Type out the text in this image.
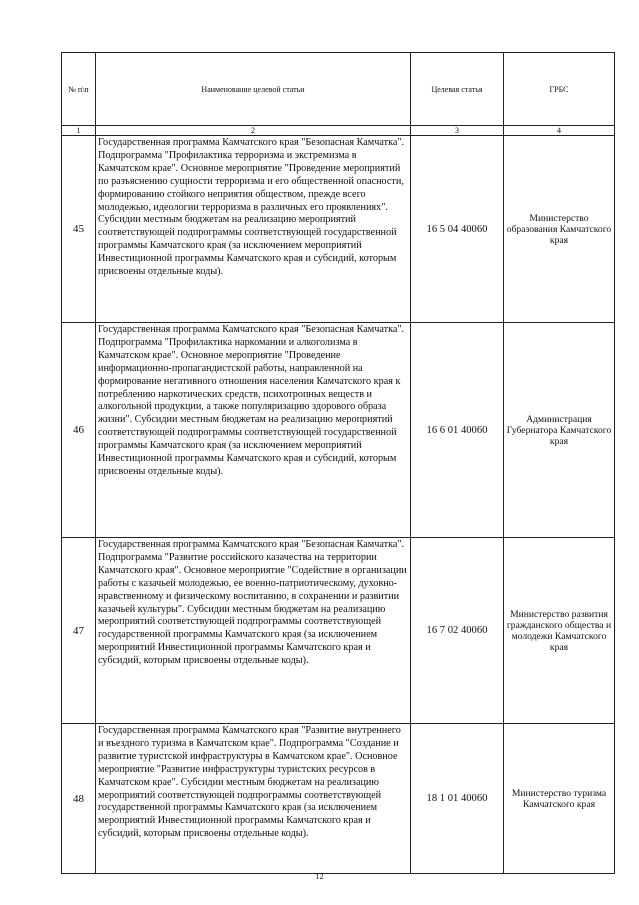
№ п\п	Наименование целевой статьи	Целевая статья	ГРБС
1	2	3	4
45	Государственная программа Камчатского края "Безопасная Камчатка". Подпрограмма "Профилактика терроризма и экстремизма в Камчатском крае". Основное мероприятие "Проведение мероприятий по разъяснению сущности терроризма и его общественной опасности, формированию стойкого неприятия обществом, прежде всего молодежью, идеологии терроризма в различных его проявлениях". Субсидии местным бюджетам на реализацию мероприятий соответствующей подпрограммы соответствующей государственной программы Камчатского края (за исключением мероприятий Инвестиционной программы Камчатского края и субсидий, которым присвоены отдельные коды).	16 5 04 40060	Министерство образования Камчатского края
46	Государственная программа Камчатского края "Безопасная Камчатка". Подпрограмма "Профилактика наркомании и алкоголизма в Камчатском крае". Основное мероприятие "Проведение информационно-пропагандистской работы, направленной на формирование негативного отношения населения Камчатского края к потреблению наркотических средств, психотропных веществ и алкогольной продукции, а также популяризацию здорового образа жизни". Субсидии местным бюджетам на реализацию мероприятий соответствующей подпрограммы соответствующей государственной программы Камчатского края (за исключением мероприятий Инвестиционной программы Камчатского края и субсидий, которым присвоены отдельные коды).	16 6 01 40060	Администрация Губернатора Камчатского края
47	Государственная программа Камчатского края "Безопасная Камчатка". Подпрограмма "Развитие российского казачества на территории Камчатского края". Основное мероприятие "Содействие в организации работы с казачьей молодежью, ее военно-патриотическому, духовно-нравственному и физическому воспитанию, в сохранении и развитии казачьей культуры". Субсидии местным бюджетам на реализацию мероприятий соответствующей подпрограммы соответствующей государственной программы Камчатского края (за исключением мероприятий Инвестиционной программы Камчатского края и субсидий, которым присвоены отдельные коды).	16 7 02 40060	Министерство развития гражданского общества и молодежи Камчатского края
48	Государственная программа Камчатского края "Развитие внутреннего и въездного туризма в Камчатском крае". Подпрограмма "Создание и развитие туристской инфраструктуры в Камчатском крае". Основное мероприятие "Развитие инфраструктуры туристских ресурсов в Камчатском крае". Субсидии местным бюджетам на реализацию мероприятий соответствующей подпрограммы соответствующей государственной программы Камчатского края (за исключением мероприятий Инвестиционной программы Камчатского края и субсидий, которым присвоены отдельные коды).	18 1 01 40060	Министерство туризма Камчатского края
12
